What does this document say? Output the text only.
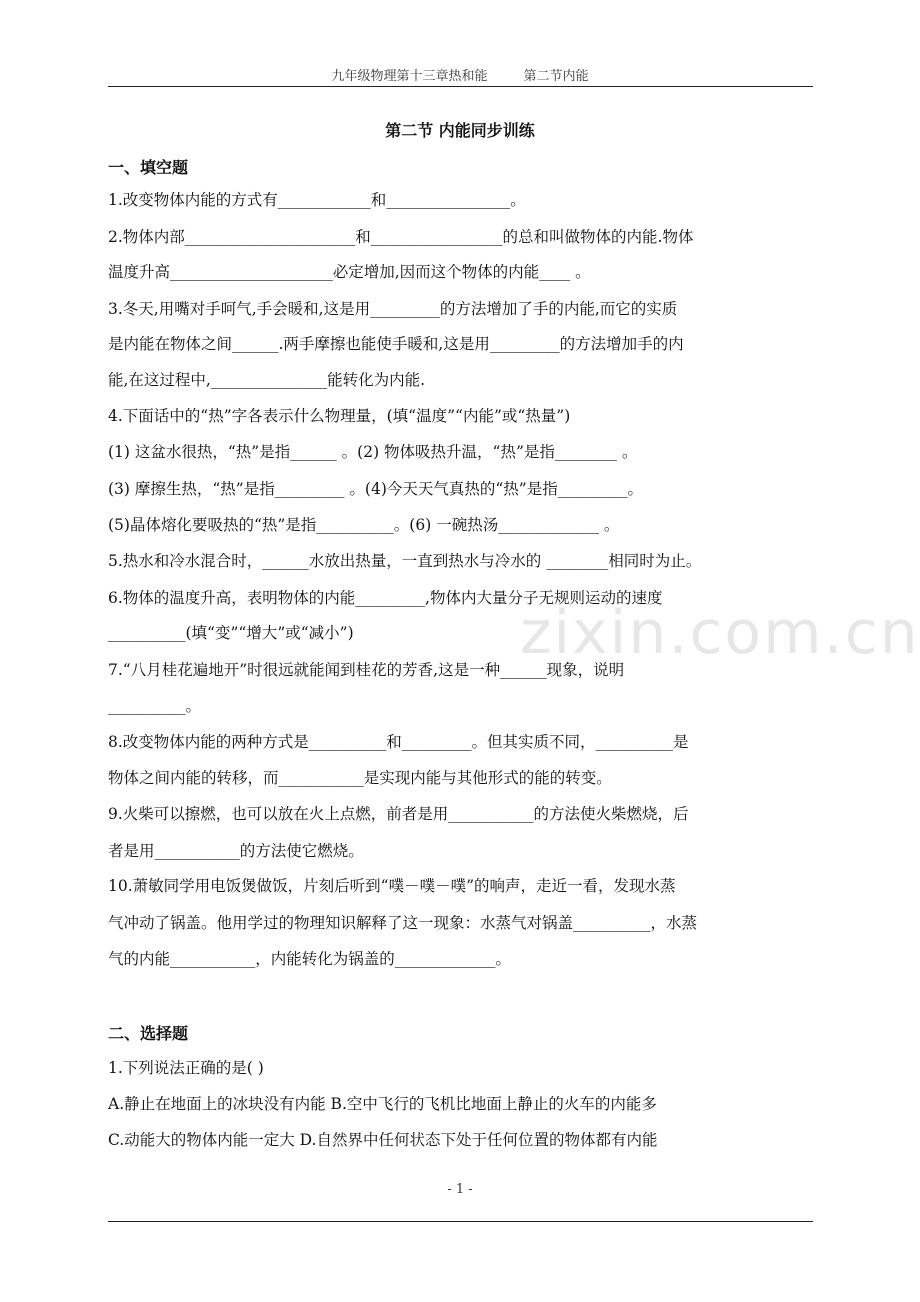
九年级物理第十三章热和能	第二节内能
第二节 内能同步训练
一、填空题
1.改变物体内能的方式有____________和________________。
2.物体内部______________________和_________________的总和叫做物体的内能.物体
温度升高_____________________必定增加,因而这个物体的内能____ 。
3.冬天,用嘴对手呵气,手会暖和,这是用_________的方法增加了手的内能,而它的实质
是内能在物体之间______.两手摩擦也能使手暖和,这是用_________的方法增加手的内
能,在这过程中,_______________能转化为内能.
4.下面话中的“热”字各表示什么物理量，(填“温度”“内能”或“热量”)
(1) 这盆水很热，“热”是指______ 。(2) 物体吸热升温，“热”是指________ 。
(3) 摩擦生热，“热”是指_________ 。(4)今天天气真热的“热”是指_________。
(5)晶体熔化要吸热的“热”是指__________。(6) 一碗热汤_____________ 。
5.热水和冷水混合时，______水放出热量，一直到热水与冷水的 ________相同时为止。
6.物体的温度升高，表明物体的内能_________,物体内大量分子无规则运动的速度
__________(填“变”“增大”或“减小”)
7.“八月桂花遍地开”时很远就能闻到桂花的芳香,这是一种______现象，说明
__________。
8.改变物体内能的两种方式是__________和_________。但其实质不同，__________是
物体之间内能的转移，而___________是实现内能与其他形式的能的转变。
9.火柴可以擦燃，也可以放在火上点燃，前者是用___________的方法使火柴燃烧，后
者是用___________的方法使它燃烧。
10.萧敏同学用电饭煲做饭，片刻后听到“噗－噗－噗”的响声，走近一看，发现水蒸
气冲动了锅盖。他用学过的物理知识解释了这一现象：水蒸气对锅盖__________，水蒸
气的内能___________，内能转化为锅盖的_____________。
二、选择题
1.下列说法正确的是( )
A.静止在地面上的冰块没有内能 B.空中飞行的飞机比地面上静止的火车的内能多
C.动能大的物体内能一定大 D.自然界中任何状态下处于任何位置的物体都有内能
zixin.com.cn
- 1 -
